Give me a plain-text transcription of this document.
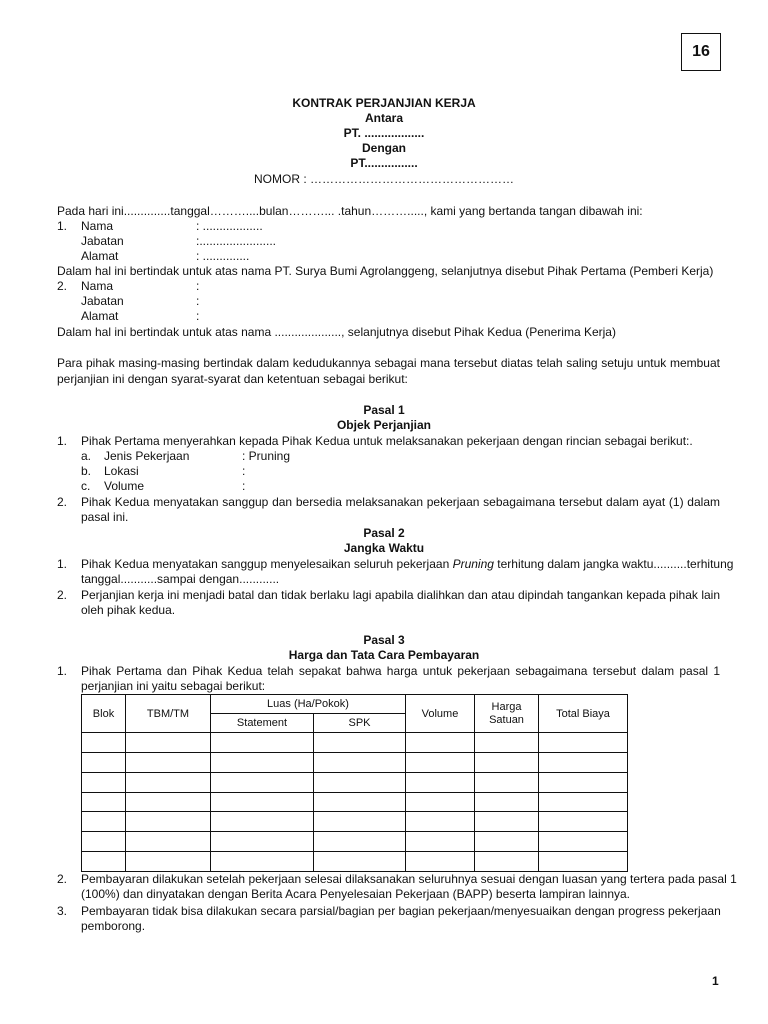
16
KONTRAK PERJANJIAN KERJA
Antara
PT. ..................
Dengan
PT................
NOMOR : ……………………………………………
Pada hari ini..............tanggal………....bulan………... .tahun………....., kami yang bertanda tangan dibawah ini:
1. Nama	: ..................
Jabatan	:.......................
Alamat	: ..............
Dalam hal ini bertindak untuk atas nama PT. Surya Bumi Agrolanggeng, selanjutnya disebut Pihak Pertama (Pemberi Kerja)
2. Nama	:
Jabatan	:
Alamat	:
Dalam hal ini bertindak untuk atas nama ...................., selanjutnya disebut Pihak Kedua (Penerima Kerja)
Para pihak masing-masing bertindak dalam kedudukannya sebagai mana tersebut diatas telah saling setuju untuk membuat
perjanjian ini dengan syarat-syarat dan ketentuan sebagai berikut:
Pasal 1
Objek Perjanjian
1. Pihak Pertama menyerahkan kepada Pihak Kedua untuk melaksanakan pekerjaan dengan rincian sebagai berikut:.
a. Jenis Pekerjaan	: Pruning
b. Lokasi	:
c. Volume	:
2. Pihak Kedua menyatakan sanggup dan bersedia melaksanakan pekerjaan sebagaimana tersebut dalam ayat (1) dalam
pasal ini.
Pasal 2
Jangka Waktu
1. Pihak Kedua menyatakan sanggup menyelesaikan seluruh pekerjaan Pruning terhitung dalam jangka waktu..........terhitung
tanggal...........sampai dengan............
2. Perjanjian kerja ini menjadi batal dan tidak berlaku lagi apabila dialihkan dan atau dipindah tangankan kepada pihak lain
oleh pihak kedua.
Pasal 3
Harga dan Tata Cara Pembayaran
1. Pihak Pertama dan Pihak Kedua telah sepakat bahwa harga untuk pekerjaan sebagaimana tersebut dalam pasal 1
perjanjian ini yaitu sebagai berikut:
Blok	TBM/TM	Luas (Ha/Pokok)		Volume	Harga Satuan	Total Biaya
		Statement	SPK			

2. Pembayaran dilakukan setelah pekerjaan selesai dilaksanakan seluruhnya sesuai dengan luasan yang tertera pada pasal 1
(100%) dan dinyatakan dengan Berita Acara Penyelesaian Pekerjaan (BAPP) beserta lampiran lainnya.
3. Pembayaran tidak bisa dilakukan secara parsial/bagian per bagian pekerjaan/menyesuaikan dengan progress pekerjaan
pemborong.
1
